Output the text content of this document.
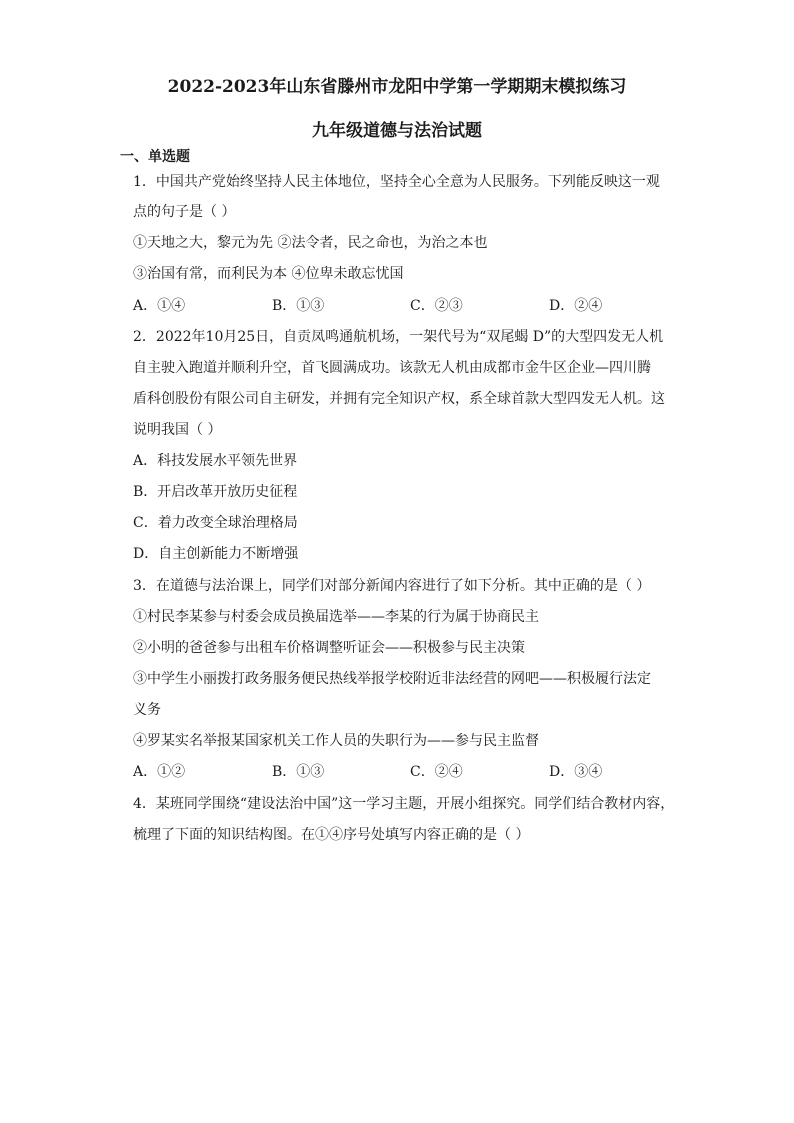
2022-2023年山东省滕州市龙阳中学第一学期期末模拟练习
九年级道德与法治试题
一、单选题
1．中国共产党始终坚持人民主体地位，坚持全心全意为人民服务。下列能反映这一观
点的句子是（ ）
①天地之大，黎元为先 ②法令者，民之命也，为治之本也
③治国有常，而利民为本 ④位卑未敢忘忧国
A．①④	B．①③	C．②③	D．②④
2．2022年10月25日，自贡凤鸣通航机场，一架代号为“双尾蝎 D”的大型四发无人机
自主驶入跑道并顺利升空，首飞圆满成功。该款无人机由成都市金牛区企业—四川腾
盾科创股份有限公司自主研发，并拥有完全知识产权，系全球首款大型四发无人机。这
说明我国（ ）
A．科技发展水平领先世界
B．开启改革开放历史征程
C．着力改变全球治理格局
D．自主创新能力不断增强
3．在道德与法治课上，同学们对部分新闻内容进行了如下分析。其中正确的是（ ）
①村民李某参与村委会成员换届选举——李某的行为属于协商民主
②小明的爸爸参与出租车价格调整听证会——积极参与民主决策
③中学生小丽拨打政务服务便民热线举报学校附近非法经营的网吧——积极履行法定
义务
④罗某实名举报某国家机关工作人员的失职行为——参与民主监督
A．①②	B．①③	C．②④	D．③④
4．某班同学围绕“建设法治中国”这一学习主题，开展小组探究。同学们结合教材内容，
梳理了下面的知识结构图。在①④序号处填写内容正确的是（ ）
